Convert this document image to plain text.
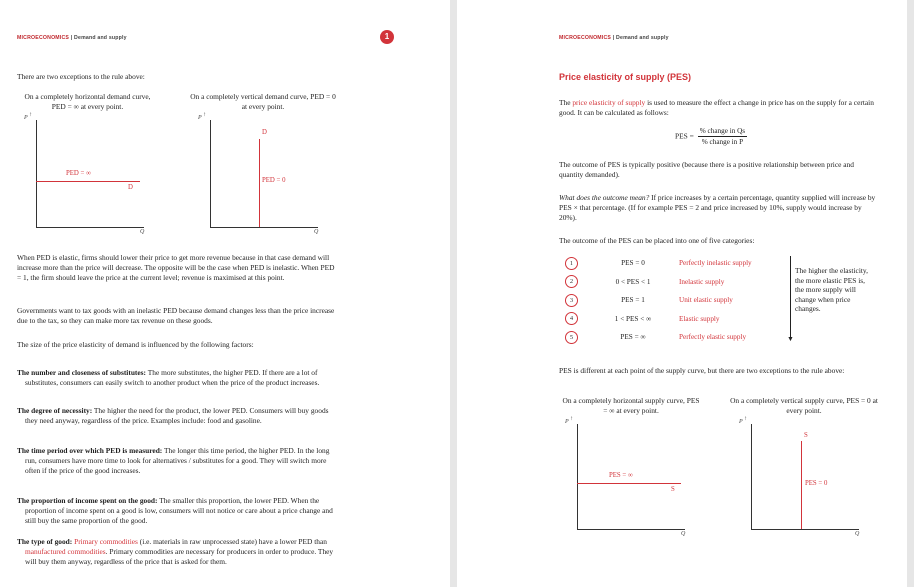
MICROECONOMICS | Demand and supply	1
There are two exceptions to the rule above:
On a completely horizontal demand curve, PED = ∞ at every point.
P ↑
Q
PED = ∞
D
On a completely vertical demand curve, PED = 0 at every point.
P ↑
Q
D
PED = 0
When PED is elastic, firms should lower their price to get more revenue because in that case demand will increase more than the price will decrease. The opposite will be the case when PED is inelastic. When PED = 1, the firm should leave the price at the current level; revenue is maximised at this point.
Governments want to tax goods with an inelastic PED because demand changes less than the price increase due to the tax, so they can make more tax revenue on these goods.
The size of the price elasticity of demand is influenced by the following factors:
The number and closeness of substitutes: The more substitutes, the higher PED. If there are a lot of substitutes, consumers can easily switch to another product when the price of the product increases.
The degree of necessity: The higher the need for the product, the lower PED. Consumers will buy goods they need anyway, regardless of the price. Examples include: food and gasoline.
The time period over which PED is measured: The longer this time period, the higher PED. In the long run, consumers have more time to look for alternatives / substitutes for a good. They will switch more often if the price of the good increases.
The proportion of income spent on the good: The smaller this proportion, the lower PED. When the proportion of income spent on a good is low, consumers will not notice or care about a price change and still buy the same proportion of the good.
The type of good: Primary commodities (i.e. materials in raw unprocessed state) have a lower PED than manufactured commodities. Primary commodities are necessary for producers in order to produce. They will buy them anyway, regardless of the price that is asked for them.
MICROECONOMICS | Demand and supply
Price elasticity of supply (PES)
The price elasticity of supply is used to measure the effect a change in price has on the supply for a certain good. It can be calculated as follows:
PES = $\frac{\text{\% change in Qs}}{\text{\% change in P}}$
The outcome of PES is typically positive (because there is a positive relationship between price and quantity demanded).
What does the outcome mean? If price increases by a certain percentage, quantity supplied will increase by PES × that percentage. (If for example PES = 2 and price increased by 10%, supply would increase by 20%).
The outcome of the PES can be placed into one of five categories:
1	PES = 0	Perfectly inelastic supply

2	0 < PES < 1	Inelastic supply

3	PES = 1	Unit elastic supply

4	1 < PES < ∞	Elastic supply

5	PES = ∞	Perfectly elastic supply	▼
The higher the elasticity, the more elastic PES is, the more supply will change when price changes.
PES is different at each point of the supply curve, but there are two exceptions to the rule above:
On a completely horizontal supply curve, PES = ∞ at every point.
P ↑
Q
PES = ∞
S
On a completely vertical supply curve, PES = 0 at every point.
P ↑
Q
S
PES = 0
